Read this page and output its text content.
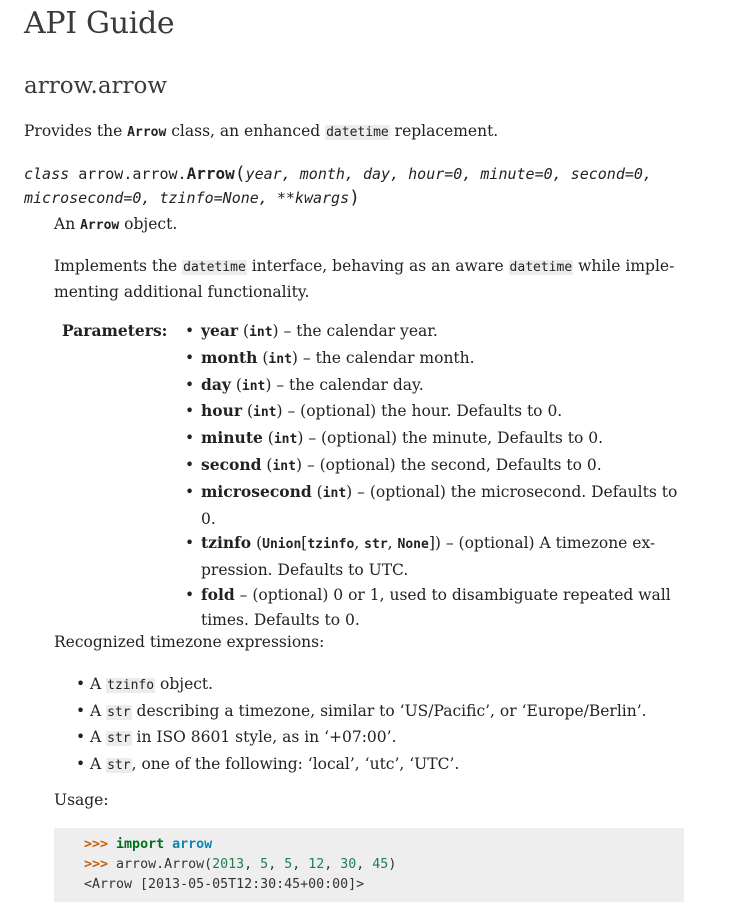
API Guide
arrow.arrow

Provides the Arrow class, an enhanced datetime replacement.

class arrow.arrow.Arrow(year, month, day, hour=0, minute=0, second=0,
microsecond=0, tzinfo=None, **kwargs)

An Arrow object.

Implements the datetime interface, behaving as an aware datetime while imple-
menting additional functionality.

Parameters: • year (int) – the calendar year.
• month (int) – the calendar month.
• day (int) – the calendar day.
• hour (int) – (optional) the hour. Defaults to 0.
• minute (int) – (optional) the minute, Defaults to 0.
• second (int) – (optional) the second, Defaults to 0.
• microsecond (int) – (optional) the microsecond. Defaults to
0.
• tzinfo (Union[tzinfo, str, None]) – (optional) A timezone ex-
pression. Defaults to UTC.
• fold – (optional) 0 or 1, used to disambiguate repeated wall
times. Defaults to 0.

Recognized timezone expressions:

• A tzinfo object.
• A str describing a timezone, similar to ‘US/Pacific’, or ‘Europe/Berlin’.
• A str in ISO 8601 style, as in ‘+07:00’.
• A str, one of the following: ‘local’, ‘utc’, ‘UTC’.

Usage:

>>> import arrow
>>> arrow.Arrow(2013, 5, 5, 12, 30, 45)
<Arrow [2013-05-05T12:30:45+00:00]>
